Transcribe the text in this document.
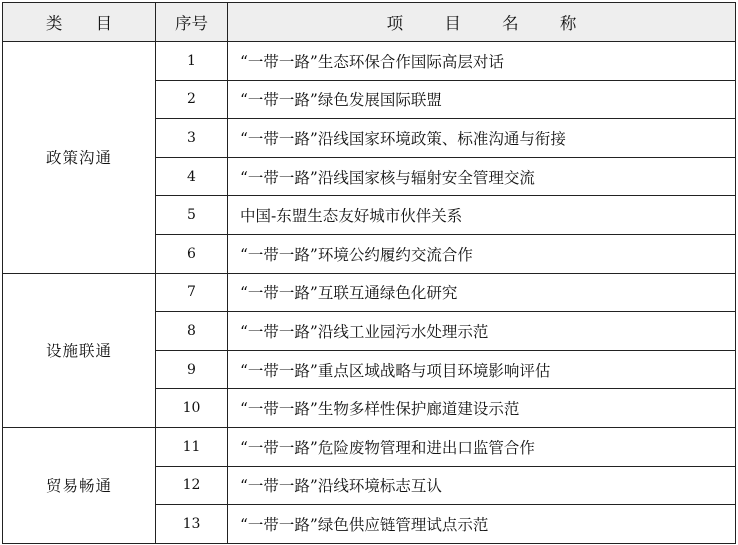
类 目	序号	项 目 名 称
政策沟通	1	“一带一路”生态环保合作国际高层对话
	2	“一带一路”绿色发展国际联盟
	3	“一带一路”沿线国家环境政策、标准沟通与衔接
	4	“一带一路”沿线国家核与辐射安全管理交流
	5	中国-东盟生态友好城市伙伴关系
	6	“一带一路”环境公约履约交流合作
设施联通	7	“一带一路”互联互通绿色化研究
	8	“一带一路”沿线工业园污水处理示范
	9	“一带一路”重点区域战略与项目环境影响评估
	10	“一带一路”生物多样性保护廊道建设示范
贸易畅通	11	“一带一路”危险废物管理和进出口监管合作
	12	“一带一路”沿线环境标志互认
	13	“一带一路”绿色供应链管理试点示范
